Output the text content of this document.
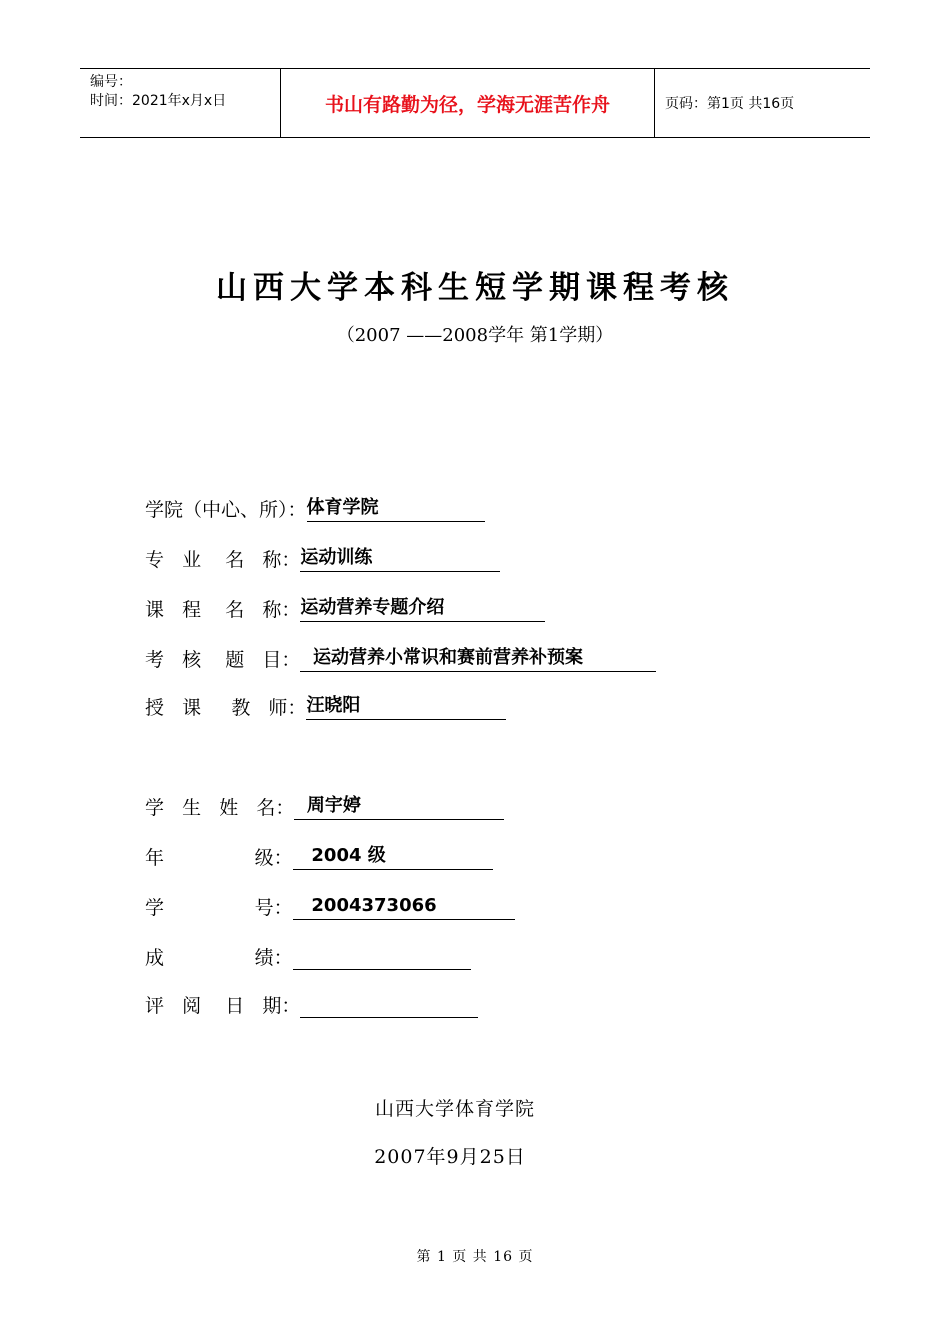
编号：
时间：2021年x月x日	书山有路勤为径，学海无涯苦作舟	页码：第1页 共16页
山西大学本科生短学期课程考核
（2007 ——2008学年 第1学期）
学院（中心、所）： 体育学院
专   业    名   称： 运动训练
课   程    名   称： 运动营养专题介绍
考   核    题   目： 运动营养小常识和赛前营养补预案
授   课     教   师： 汪晓阳
学   生   姓   名： 周宇婷
年               级： 2004 级
学               号： 2004373066
成               绩：

评   阅    日   期：

山西大学体育学院
2007年9月25日
第 1 页 共 16 页
